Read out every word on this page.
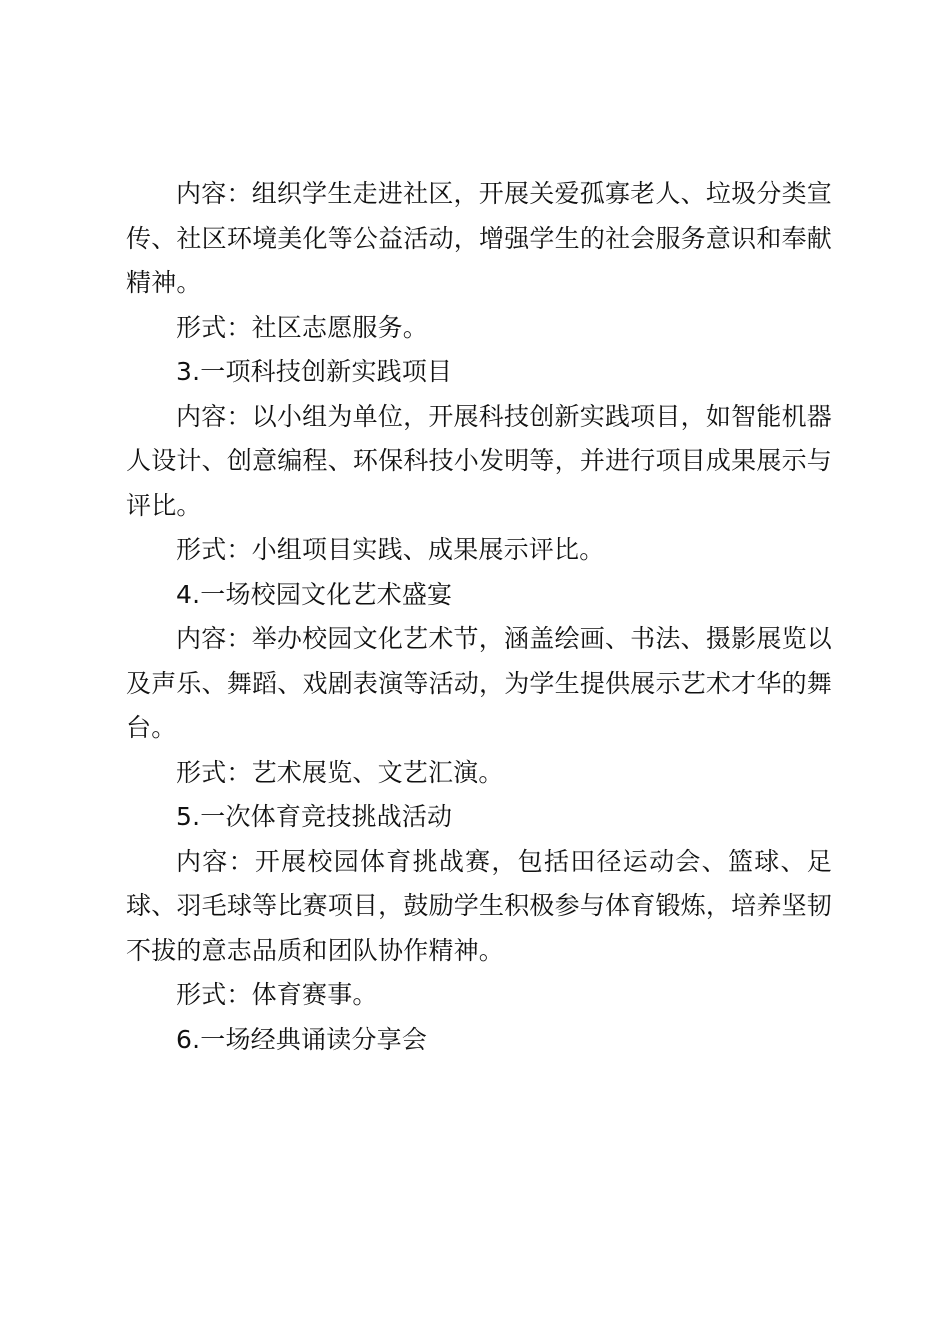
内容：组织学生走进社区，开展关爱孤寡老人、垃圾分类宣传、社区环境美化等公益活动，增强学生的社会服务意识和奉献精神。

形式：社区志愿服务。

3.一项科技创新实践项目

内容：以小组为单位，开展科技创新实践项目，如智能机器人设计、创意编程、环保科技小发明等，并进行项目成果展示与评比。

形式：小组项目实践、成果展示评比。

4.一场校园文化艺术盛宴

内容：举办校园文化艺术节，涵盖绘画、书法、摄影展览以及声乐、舞蹈、戏剧表演等活动，为学生提供展示艺术才华的舞台。

形式：艺术展览、文艺汇演。

5.一次体育竞技挑战活动

内容：开展校园体育挑战赛，包括田径运动会、篮球、足球、羽毛球等比赛项目，鼓励学生积极参与体育锻炼，培养坚韧不拔的意志品质和团队协作精神。

形式：体育赛事。

6.一场经典诵读分享会
